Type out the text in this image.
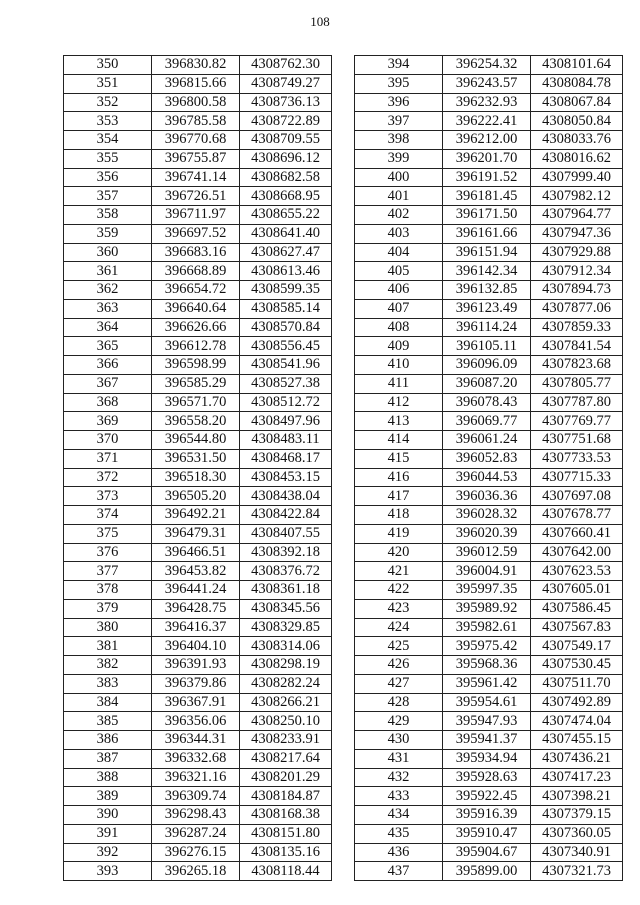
108
350	396830.82	4308762.30
351	396815.66	4308749.27
352	396800.58	4308736.13
353	396785.58	4308722.89
354	396770.68	4308709.55
355	396755.87	4308696.12
356	396741.14	4308682.58
357	396726.51	4308668.95
358	396711.97	4308655.22
359	396697.52	4308641.40
360	396683.16	4308627.47
361	396668.89	4308613.46
362	396654.72	4308599.35
363	396640.64	4308585.14
364	396626.66	4308570.84
365	396612.78	4308556.45
366	396598.99	4308541.96
367	396585.29	4308527.38
368	396571.70	4308512.72
369	396558.20	4308497.96
370	396544.80	4308483.11
371	396531.50	4308468.17
372	396518.30	4308453.15
373	396505.20	4308438.04
374	396492.21	4308422.84
375	396479.31	4308407.55
376	396466.51	4308392.18
377	396453.82	4308376.72
378	396441.24	4308361.18
379	396428.75	4308345.56
380	396416.37	4308329.85
381	396404.10	4308314.06
382	396391.93	4308298.19
383	396379.86	4308282.24
384	396367.91	4308266.21
385	396356.06	4308250.10
386	396344.31	4308233.91
387	396332.68	4308217.64
388	396321.16	4308201.29
389	396309.74	4308184.87
390	396298.43	4308168.38
391	396287.24	4308151.80
392	396276.15	4308135.16
393	396265.18	4308118.44
394	396254.32	4308101.64
395	396243.57	4308084.78
396	396232.93	4308067.84
397	396222.41	4308050.84
398	396212.00	4308033.76
399	396201.70	4308016.62
400	396191.52	4307999.40
401	396181.45	4307982.12
402	396171.50	4307964.77
403	396161.66	4307947.36
404	396151.94	4307929.88
405	396142.34	4307912.34
406	396132.85	4307894.73
407	396123.49	4307877.06
408	396114.24	4307859.33
409	396105.11	4307841.54
410	396096.09	4307823.68
411	396087.20	4307805.77
412	396078.43	4307787.80
413	396069.77	4307769.77
414	396061.24	4307751.68
415	396052.83	4307733.53
416	396044.53	4307715.33
417	396036.36	4307697.08
418	396028.32	4307678.77
419	396020.39	4307660.41
420	396012.59	4307642.00
421	396004.91	4307623.53
422	395997.35	4307605.01
423	395989.92	4307586.45
424	395982.61	4307567.83
425	395975.42	4307549.17
426	395968.36	4307530.45
427	395961.42	4307511.70
428	395954.61	4307492.89
429	395947.93	4307474.04
430	395941.37	4307455.15
431	395934.94	4307436.21
432	395928.63	4307417.23
433	395922.45	4307398.21
434	395916.39	4307379.15
435	395910.47	4307360.05
436	395904.67	4307340.91
437	395899.00	4307321.73
